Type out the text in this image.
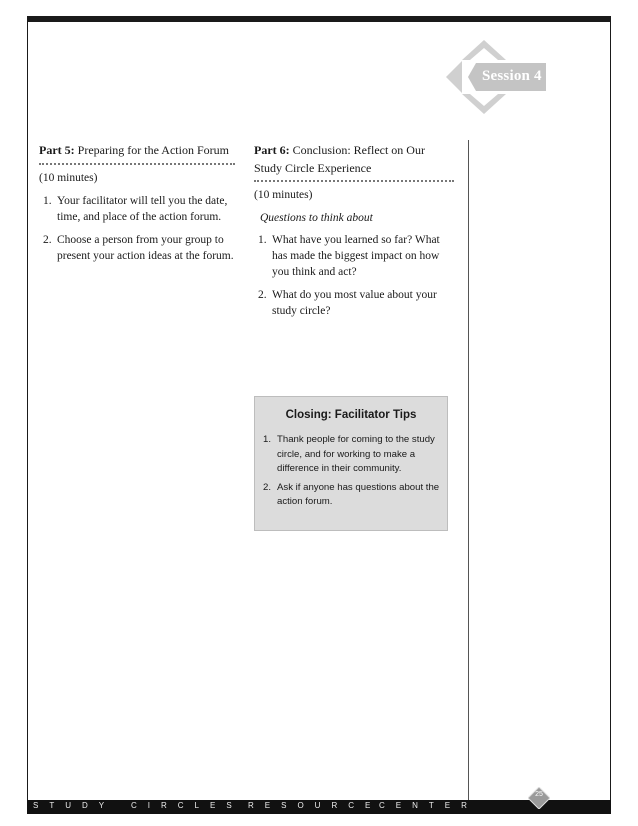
Session 4
Part 5: Preparing for the Action Forum

(10 minutes)

1. Your facilitator will tell you the date, time, and place of the action forum.
2. Choose a person from your group to present your action ideas at the forum.
Part 6: Conclusion: Reflect on Our Study Circle Experience

(10 minutes)

Questions to think about

1. What have you learned so far? What has made the biggest impact on how you think and act?
2. What do you most value about your study circle?
Closing: Facilitator Tips
1. Thank people for coming to the study circle, and for working to make a difference in their community.
2. Ask if anyone has questions about the action forum.
STUDY CIRCLES RESOURCE
CENTER
25
